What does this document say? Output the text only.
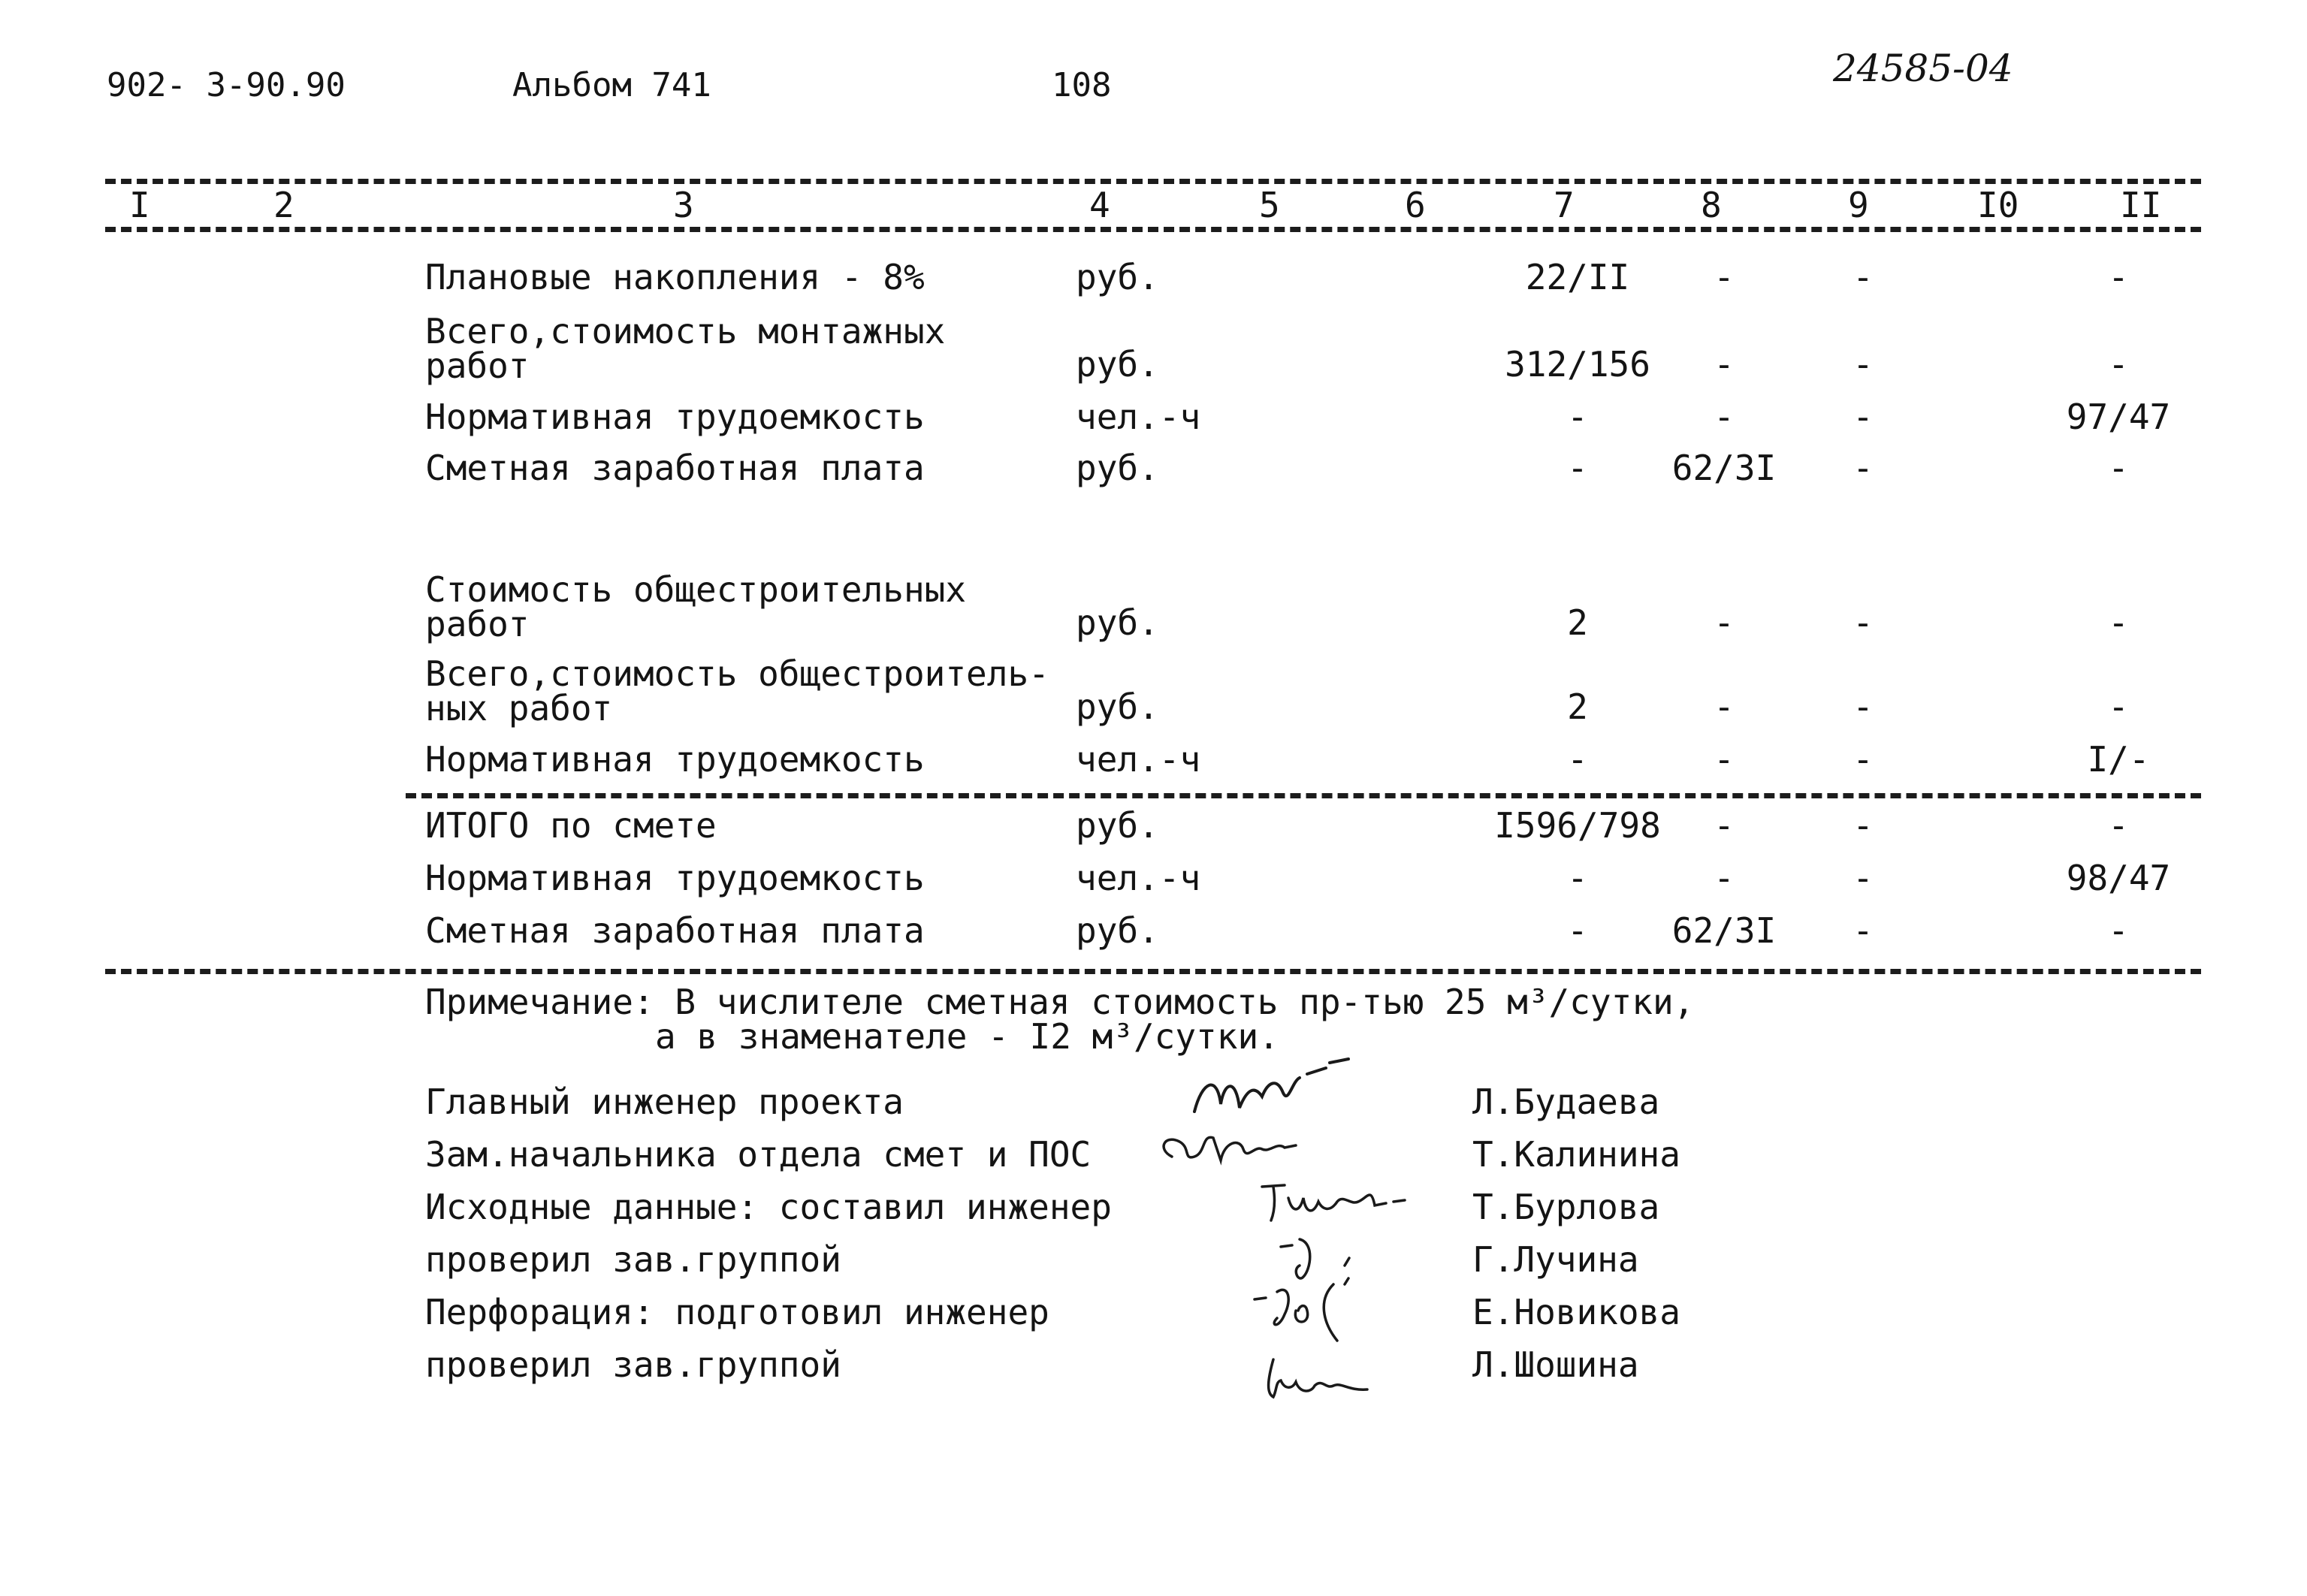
902- 3-90.90	Альбом 741	108	24585-04
I	2	3	4	5	6	7	8	9	I0	II
Плановые накопления - 8%	руб.	22/II	-	-	-
Всего,стоимость монтажных
работ	руб.	312/156	-	-	-
Нормативная трудоемкость	чел.-ч	-	-	-	97/47
Сметная заработная плата	руб.	-	62/3I	-	-
Стоимость общестроительных
работ	руб.	2	-	-	-
Всего,стоимость общестроитель-
ных работ	руб.	2	-	-	-
Нормативная трудоемкость	чел.-ч	-	-	-	I/-
ИТОГО по смете	руб.	I596/798	-	-	-
Нормативная трудоемкость	чел.-ч	-	-	-	98/47
Сметная заработная плата	руб.	-	62/3I	-	-
Примечание: В числителе сметная стоимость пр-тью 25 м³/сутки,
а в знаменателе - I2 м³/сутки.
Главный инженер проекта	Л.Будаева
Зам.начальника отдела смет и ПОС	Т.Калинина
Исходные данные: составил инженер	Т.Бурлова
проверил зав.группой	Г.Лучина
Перфорация: подготовил инженер	Е.Новикова
проверил зав.группой	Л.Шошина
